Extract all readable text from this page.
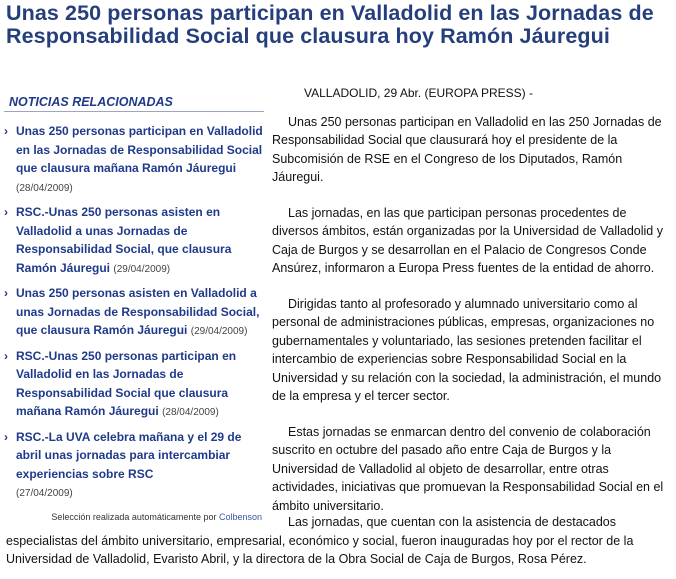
Unas 250 personas participan en Valladolid en las Jornadas de Responsabilidad Social que clausura hoy Ramón Jáuregui
NOTICIAS RELACIONADAS
› Unas 250 personas participan en Valladolid en las Jornadas de Responsabilidad Social que clausura mañana Ramón Jáuregui (28/04/2009)
› RSC.-Unas 250 personas asisten en Valladolid a unas Jornadas de Responsabilidad Social, que clausura Ramón Jáuregui (29/04/2009)
› Unas 250 personas asisten en Valladolid a unas Jornadas de Responsabilidad Social, que clausura Ramón Jáuregui (29/04/2009)
› RSC.-Unas 250 personas participan en Valladolid en las Jornadas de Responsabilidad Social que clausura mañana Ramón Jáuregui (28/04/2009)
› RSC.-La UVA celebra mañana y el 29 de abril unas jornadas para intercambiar experiencias sobre RSC
(27/04/2009)
Selección realizada automáticamente por Colbenson

VALLADOLID, 29 Abr. (EUROPA PRESS) -

Unas 250 personas participan en Valladolid en las 250 Jornadas de Responsabilidad Social que clausurará hoy el presidente de la Subcomisión de RSE en el Congreso de los Diputados, Ramón Jáuregui.

Las jornadas, en las que participan personas procedentes de diversos ámbitos, están organizadas por la Universidad de Valladolid y Caja de Burgos y se desarrollan en el Palacio de Congresos Conde Ansúrez, informaron a Europa Press fuentes de la entidad de ahorro.

Dirigidas tanto al profesorado y alumnado universitario como al personal de administraciones públicas, empresas, organizaciones no gubernamentales y voluntariado, las sesiones pretenden facilitar el intercambio de experiencias sobre Responsabilidad Social en la Universidad y su relación con la sociedad, la administración, el mundo de la empresa y el tercer sector.

Estas jornadas se enmarcan dentro del convenio de colaboración suscrito en octubre del pasado año entre Caja de Burgos y la Universidad de Valladolid al objeto de desarrollar, entre otras actividades, iniciativas que promuevan la Responsabilidad Social en el ámbito universitario.

Las jornadas, que cuentan con la asistencia de destacados

especialistas del ámbito universitario, empresarial, económico y social, fueron inauguradas hoy por el rector de la

Universidad de Valladolid, Evaristo Abril, y la directora de la Obra Social de Caja de Burgos, Rosa Pérez.
